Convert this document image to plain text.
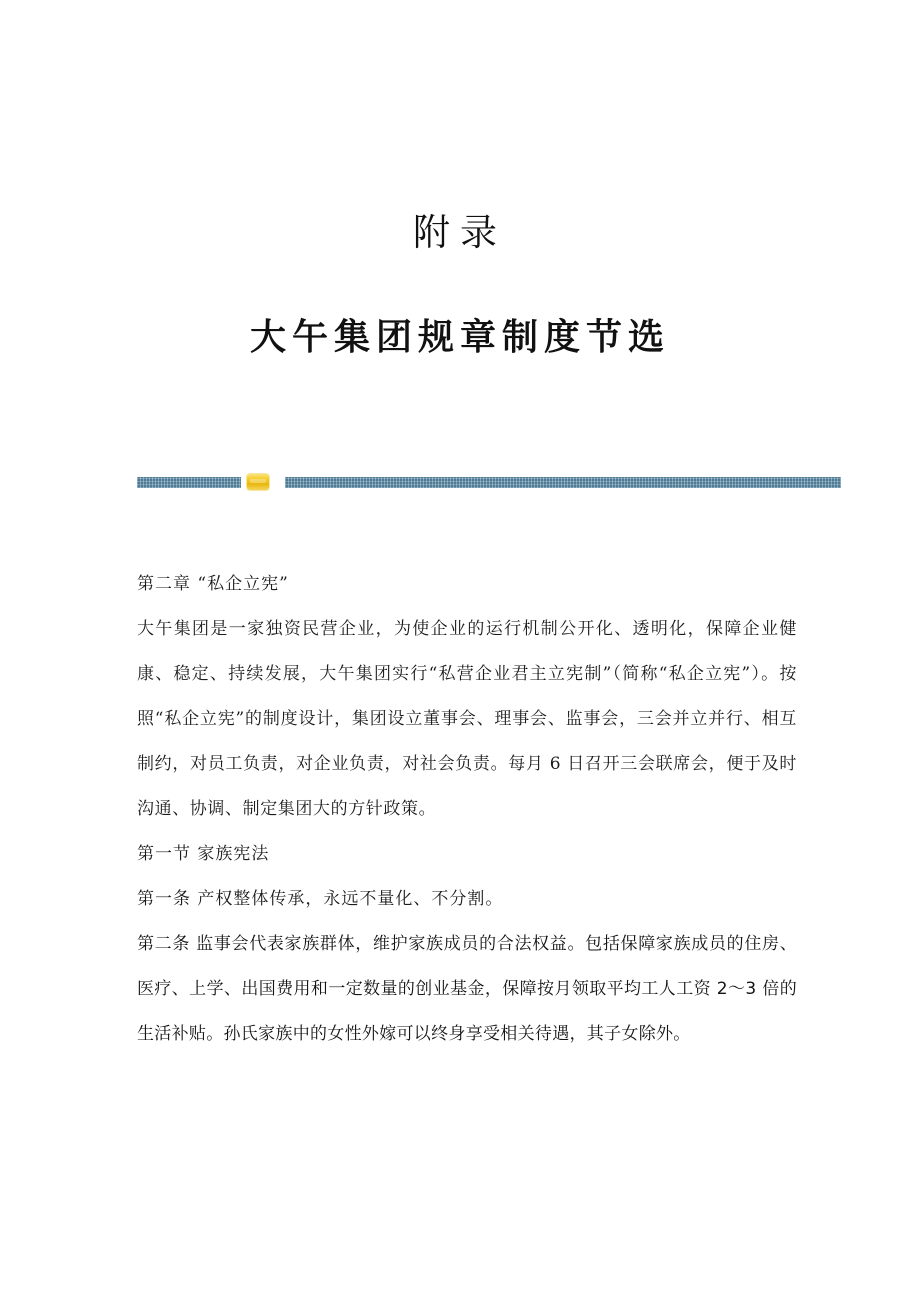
附录
大午集团规章制度节选

第二章 “私企立宪”

大午集团是一家独资民营企业，为使企业的运行机制公开化、透明化，保障企业健康、稳定、持续发展，大午集团实行“私营企业君主立宪制”（简称“私企立宪”）。按照“私企立宪”的制度设计，集团设立董事会、理事会、监事会，三会并立并行、相互制约，对员工负责，对企业负责，对社会负责。每月 6 日召开三会联席会，便于及时沟通、协调、制定集团大的方针政策。

第一节 家族宪法

第一条 产权整体传承，永远不量化、不分割。

第二条 监事会代表家族群体，维护家族成员的合法权益。包括保障家族成员的住房、医疗、上学、出国费用和一定数量的创业基金，保障按月领取平均工人工资 2～3 倍的生活补贴。孙氏家族中的女性外嫁可以终身享受相关待遇，其子女除外。
